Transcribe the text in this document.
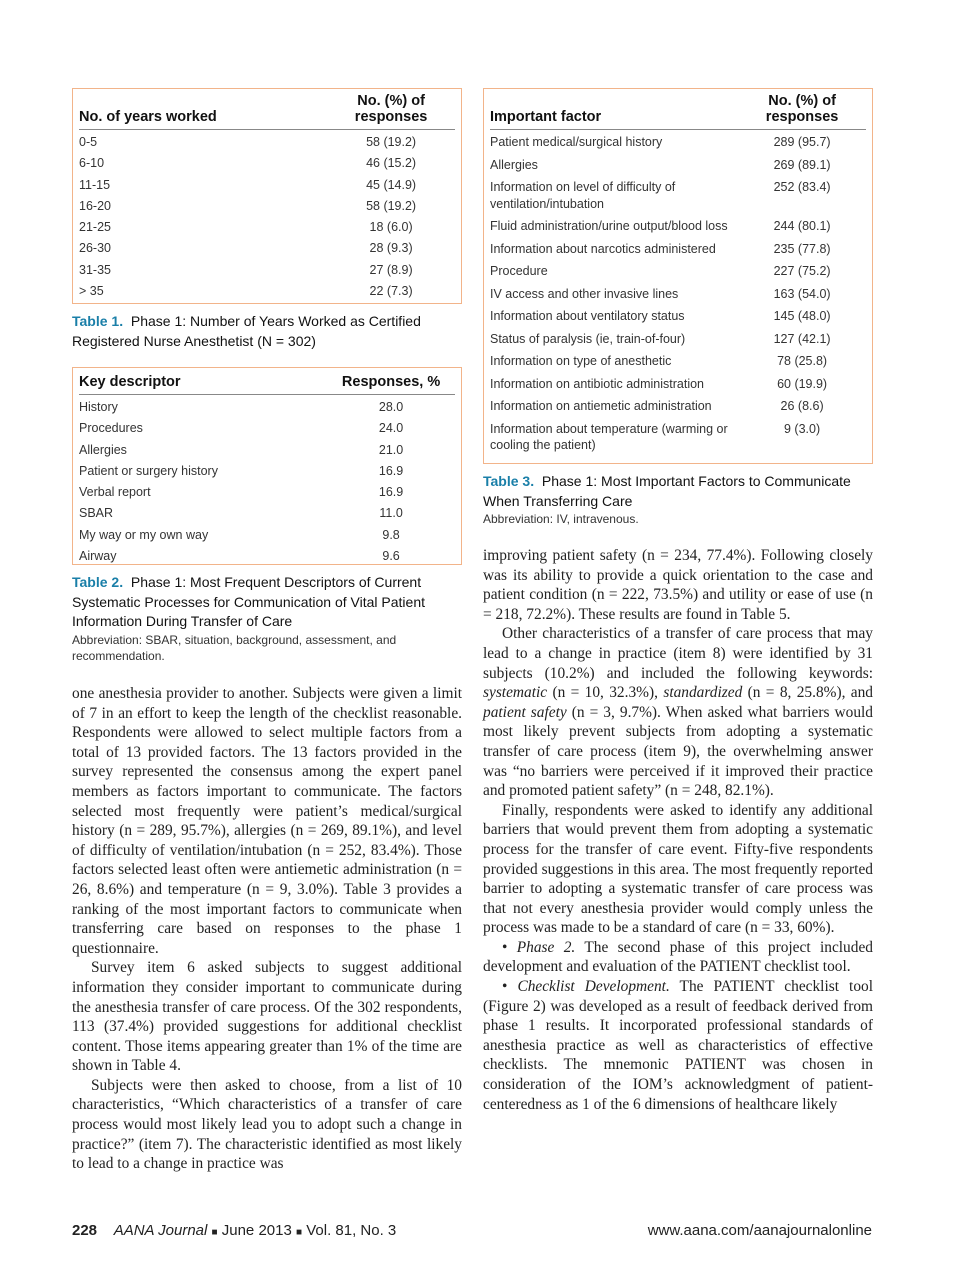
No. of years worked	No. (%) of responses
0-5	58 (19.2)
6-10	46 (15.2)
11-15	45 (14.9)
16-20	58 (19.2)
21-25	18 (6.0)
26-30	28 (9.3)
31-35	27 (8.9)
> 35	22 (7.3)
Table 1. Phase 1: Number of Years Worked as Certified Registered Nurse Anesthetist (N = 302)
Key descriptor	Responses, %
History	28.0
Procedures	24.0
Allergies	21.0
Patient or surgery history	16.9
Verbal report	16.9
SBAR	11.0
My way or my own way	9.8
Airway	9.6
Table 2. Phase 1: Most Frequent Descriptors of Current Systematic Processes for Communication of Vital Patient Information During Transfer of Care
Abbreviation: SBAR, situation, background, assessment, and recommendation.

one anesthesia provider to another. Subjects were given a limit of 7 in an effort to keep the length of the checklist reasonable. Respondents were allowed to select multiple factors from a total of 13 provided factors. The 13 factors provided in the survey represented the consensus among the expert panel members as factors important to communicate. The factors selected most frequently were patient’s medical/surgical history (n = 289, 95.7%), allergies (n = 269, 89.1%), and level of difficulty of ventilation/intubation (n = 252, 83.4%). Those factors selected least often were antiemetic administration (n = 26, 8.6%) and temperature (n = 9, 3.0%). Table 3 provides a ranking of the most important factors to communicate when transferring care based on responses to the phase 1 questionnaire.

Survey item 6 asked subjects to suggest additional information they consider important to communicate during the anesthesia transfer of care process. Of the 302 respondents, 113 (37.4%) provided suggestions for additional checklist content. Those items appearing greater than 1% of the time are shown in Table 4.

Subjects were then asked to choose, from a list of 10 characteristics, “Which characteristics of a transfer of care process would most likely lead you to adopt such a change in practice?” (item 7). The characteristic identified as most likely to lead to a change in practice was

Important factor	No. (%) of responses
Patient medical/surgical history	289 (95.7)
Allergies	269 (89.1)
Information on level of difficulty of ventilation/intubation	252 (83.4)
Fluid administration/urine output/blood loss	244 (80.1)
Information about narcotics administered	235 (77.8)
Procedure	227 (75.2)
IV access and other invasive lines	163 (54.0)
Information about ventilatory status	145 (48.0)
Status of paralysis (ie, train-of-four)	127 (42.1)
Information on type of anesthetic	78 (25.8)
Information on antibiotic administration	60 (19.9)
Information on antiemetic administration	26 (8.6)
Information about temperature (warming or cooling the patient)	9 (3.0)
Table 3. Phase 1: Most Important Factors to Communicate When Transferring Care
Abbreviation: IV, intravenous.

improving patient safety (n = 234, 77.4%). Following closely was its ability to provide a quick orientation to the case and patient condition (n = 222, 73.5%) and utility or ease of use (n = 218, 72.2%). These results are found in Table 5.

Other characteristics of a transfer of care process that may lead to a change in practice (item 8) were identified by 31 subjects (10.2%) and included the following keywords: systematic (n = 10, 32.3%), standardized (n = 8, 25.8%), and patient safety (n = 3, 9.7%). When asked what barriers would most likely prevent subjects from adopting a systematic transfer of care process (item 9), the overwhelming answer was “no barriers were perceived if it improved their practice and promoted patient safety” (n = 248, 82.1%).

Finally, respondents were asked to identify any additional barriers that would prevent them from adopting a systematic process for the transfer of care event. Fifty-five respondents provided suggestions in this area. The most frequently reported barrier to adopting a systematic transfer of care process was that not every anesthesia provider would comply unless the process was made to be a standard of care (n = 33, 60%).

• Phase 2. The second phase of this project included development and evaluation of the PATIENT checklist tool.

• Checklist Development. The PATIENT checklist tool (Figure 2) was developed as a result of feedback derived from phase 1 results. It incorporated professional standards of anesthesia practice as well as characteristics of effective checklists. The mnemonic PATIENT was chosen in consideration of the IOM’s acknowledgment of patient-centeredness as 1 of the 6 dimensions of healthcare likely

228 AANA Journal ■ June 2013 ■ Vol. 81, No. 3	www.aana.com/aanajournalonline
